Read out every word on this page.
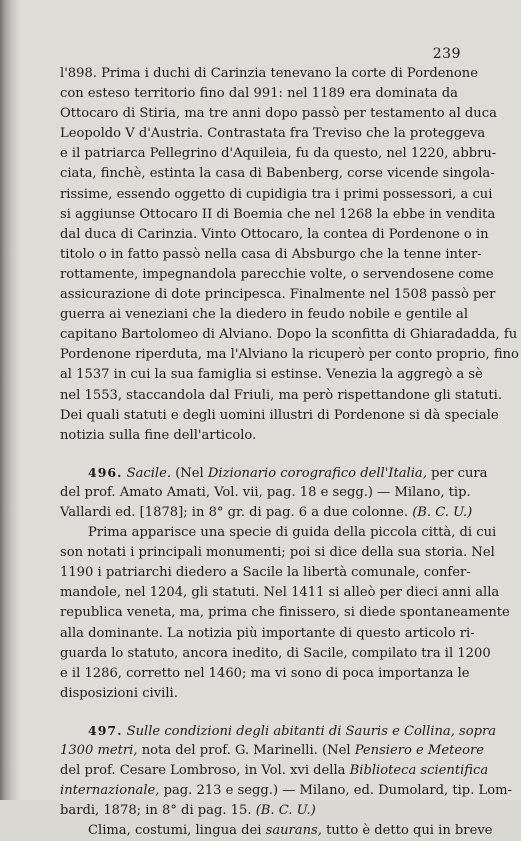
239
l'898. Prima i duchi di Carinzia tenevano la corte di Pordenone
con esteso territorio fino dal 991: nel 1189 era dominata da
Ottocaro di Stiria, ma tre anni dopo passò per testamento al duca
Leopoldo V d'Austria. Contrastata fra Treviso che la proteggeva
e il patriarca Pellegrino d'Aquileia, fu da questo, nel 1220, abbru-
ciata, finchè, estinta la casa di Babenberg, corse vicende singola-
rissime, essendo oggetto di cupidigia tra i primi possessori, a cui
si aggiunse Ottocaro II di Boemia che nel 1268 la ebbe in vendita
dal duca di Carinzia. Vinto Ottocaro, la contea di Pordenone o in
titolo o in fatto passò nella casa di Absburgo che la tenne inter-
rottamente, impegnandola parecchie volte, o servendosene come
assicurazione di dote principesca. Finalmente nel 1508 passò per
guerra ai veneziani che la diedero in feudo nobile e gentile al
capitano Bartolomeo di Alviano. Dopo la sconfitta di Ghiaradadda, fu
Pordenone riperduta, ma l'Alviano la ricuperò per conto proprio, fino
al 1537 in cui la sua famiglia si estinse. Venezia la aggregò a sè
nel 1553, staccandola dal Friuli, ma però rispettandone gli statuti.
Dei quali statuti e degli uomini illustri di Pordenone si dà speciale
notizia sulla fine dell'articolo.
496. Sacile. (Nel Dizionario corografico dell'Italia, per cura
del prof. Amato Amati, Vol. vii, pag. 18 e segg.) — Milano, tip.
Vallardi ed. [1878]; in 8° gr. di pag. 6 a due colonne. (B. C. U.)
Prima apparisce una specie di guida della piccola città, di cui
son notati i principali monumenti; poi si dice della sua storia. Nel
1190 i patriarchi diedero a Sacile la libertà comunale, confer-
mandole, nel 1204, gli statuti. Nel 1411 si alleò per dieci anni alla
republica veneta, ma, prima che finissero, si diede spontaneamente
alla dominante. La notizia più importante di questo articolo ri-
guarda lo statuto, ancora inedito, di Sacile, compilato tra il 1200
e il 1286, corretto nel 1460; ma vi sono di poca importanza le
disposizioni civili.
497. Sulle condizioni degli abitanti di Sauris e Collina, sopra
1300 metri, nota del prof. G. Marinelli. (Nel Pensiero e Meteore
del prof. Cesare Lombroso, in Vol. xvi della Biblioteca scientifica
internazionale, pag. 213 e segg.) — Milano, ed. Dumolard, tip. Lom-
bardi, 1878; in 8° di pag. 15. (B. C. U.)
Clima, costumi, lingua dei saurans, tutto è detto qui in breve
